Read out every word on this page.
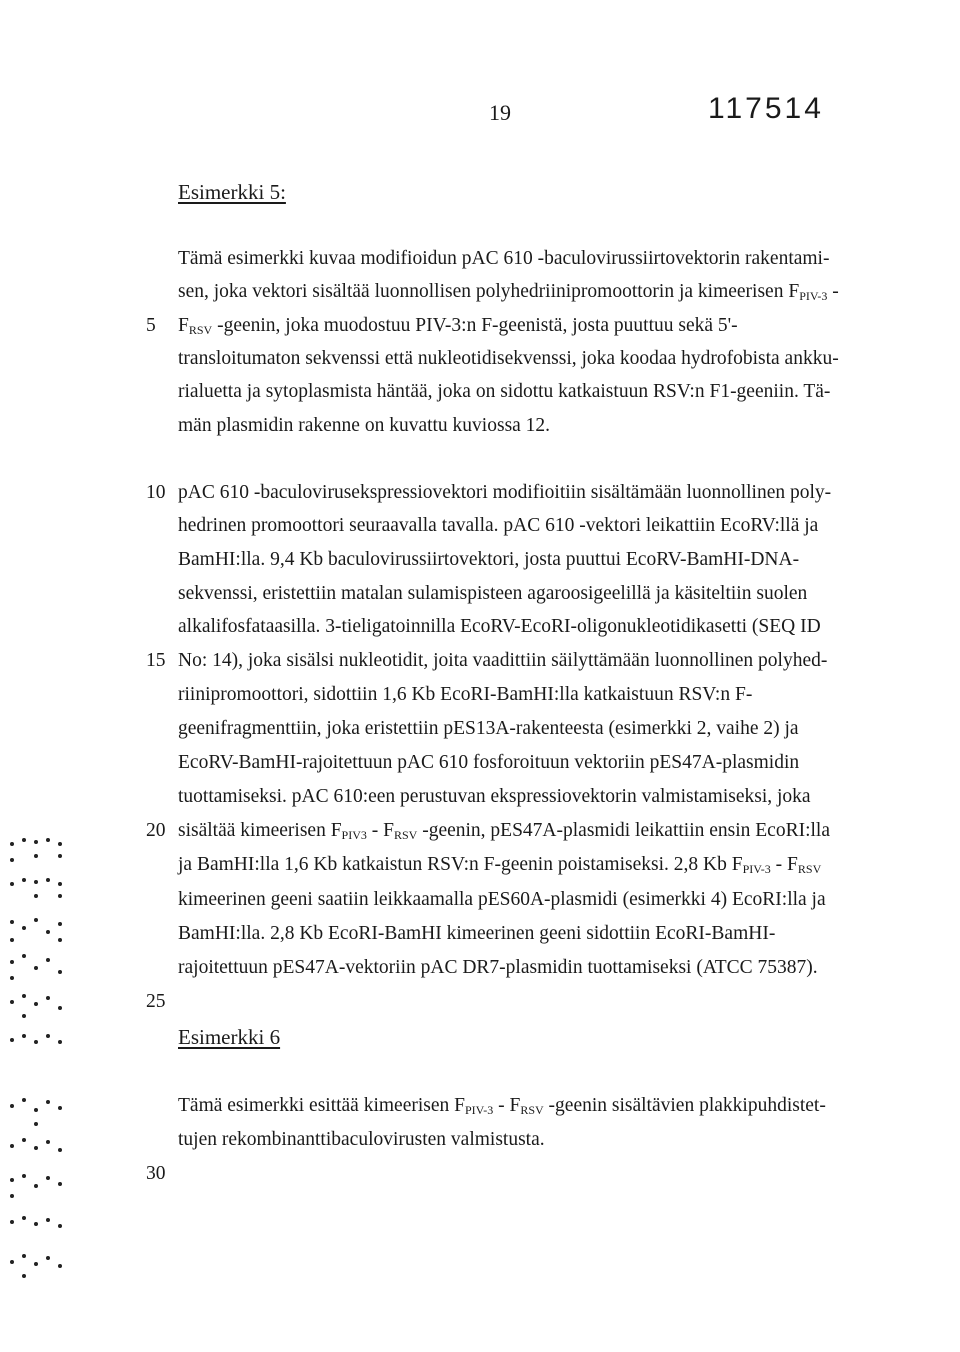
19	117514
Esimerkki 5:
Tämä esimerkki kuvaa modifioidun pAC 610 -baculovirussiirtovektorin rakentami-
sen, joka vektori sisältää luonnollisen polyhedriinipromoottorin ja kimeerisen $F_{PIV-3}$ -
5 $F_{RSV}$ -geenin, joka muodostuu PIV-3:n F-geenistä, josta puuttuu sekä 5'-
transloitumaton sekvenssi että nukleotidisekvenssi, joka koodaa hydrofobista ankku-
rialuetta ja sytoplasmista häntää, joka on sidottu katkaistuun RSV:n F1-geeniin. Tä-
män plasmidin rakenne on kuvattu kuviossa 12.
10 pAC 610 -baculovirusekspressiovektori modifioitiin sisältämään luonnollinen poly-
hedrinen promoottori seuraavalla tavalla. pAC 610 -vektori leikattiin EcoRV:llä ja
BamHI:lla. 9,4 Kb baculovirussiirtovektori, josta puuttui EcoRV-BamHI-DNA-
sekvenssi, eristettiin matalan sulamispisteen agaroosigeelillä ja käsiteltiin suolen
alkalifosfataasilla. 3-tieligatoinnilla EcoRV-EcoRI-oligonukleotidikasetti (SEQ ID
15 No: 14), joka sisälsi nukleotidit, joita vaadittiin säilyttämään luonnollinen polyhed-
riinipromoottori, sidottiin 1,6 Kb EcoRI-BamHI:lla katkaistuun RSV:n F-
geenifragmenttiin, joka eristettiin pES13A-rakenteesta (esimerkki 2, vaihe 2) ja
EcoRV-BamHI-rajoitettuun pAC 610 fosforoituun vektoriin pES47A-plasmidin
tuottamiseksi. pAC 610:een perustuvan ekspressiovektorin valmistamiseksi, joka
20 sisältää kimeerisen $F_{PIV3} - F_{RSV}$ -geenin, pES47A-plasmidi leikattiin ensin EcoRI:lla
ja BamHI:lla 1,6 Kb katkaistun RSV:n F-geenin poistamiseksi. 2,8 Kb $F_{PIV-3} - F_{RSV}$
kimeerinen geeni saatiin leikkaamalla pES60A-plasmidi (esimerkki 4) EcoRI:lla ja
BamHI:lla. 2,8 Kb EcoRI-BamHI kimeerinen geeni sidottiin EcoRI-BamHI-
rajoitettuun pES47A-vektoriin pAC DR7-plasmidin tuottamiseksi (ATCC 75387).
25
Esimerkki 6
Tämä esimerkki esittää kimeerisen $F_{PIV-3} - F_{RSV}$ -geenin sisältävien plakkipuhdistet-
tujen rekombinanttibaculovirusten valmistusta.
30
